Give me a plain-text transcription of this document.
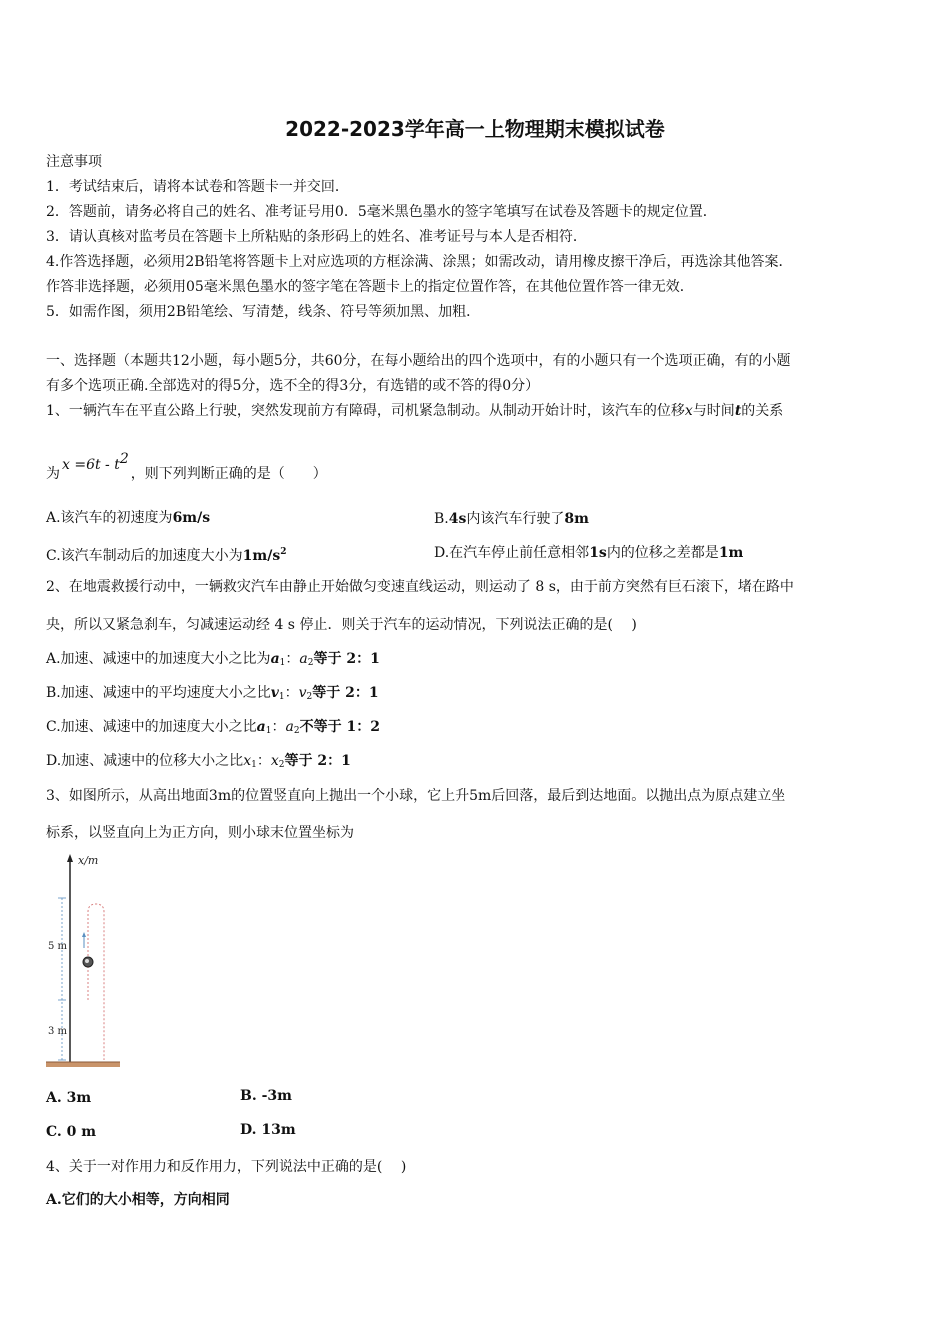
2022-2023学年高一上物理期末模拟试卷
注意事项
1．考试结束后，请将本试卷和答题卡一并交回．
2．答题前，请务必将自己的姓名、准考证号用0．5毫米黑色墨水的签字笔填写在试卷及答题卡的规定位置．
3．请认真核对监考员在答题卡上所粘贴的条形码上的姓名、准考证号与本人是否相符．
4.作答选择题，必须用2B铅笔将答题卡上对应选项的方框涂满、涂黑；如需改动，请用橡皮擦干净后，再选涂其他答案．
作答非选择题，必须用05毫米黑色墨水的签字笔在答题卡上的指定位置作答，在其他位置作答一律无效．
5．如需作图，须用2B铅笔绘、写清楚，线条、符号等须加黑、加粗．
一、选择题（本题共12小题，每小题5分，共60分，在每小题给出的四个选项中，有的小题只有一个选项正确，有的小题
有多个选项正确.全部选对的得5分，选不全的得3分，有选错的或不答的得0分）
1、一辆汽车在平直公路上行驶，突然发现前方有障碍，司机紧急制动。从制动开始计时，该汽车的位移x与时间t的关系
为$x =6t - t^2$，则下列判断正确的是（　　）
A.该汽车的初速度为6m/s	B.4s内该汽车行驶了8m
C.该汽车制动后的加速度大小为$1m/s^2$	D.在汽车停止前任意相邻1s内的位移之差都是1m
2、在地震救援行动中，一辆救灾汽车由静止开始做匀变速直线运动，则运动了 8 s，由于前方突然有巨石滚下，堵在路中
央，所以又紧急刹车，匀减速运动经 4 s 停止．则关于汽车的运动情况，下列说法正确的是(　 )
A.加速、减速中的加速度大小之比为$a_1$：$a_2$等于 2：1
B.加速、减速中的平均速度大小之比$v_1$：$v_2$等于 2：1
C.加速、减速中的加速度大小之比$a_1$：$a_2$不等于 1：2
D.加速、减速中的位移大小之比$x_1$：$x_2$等于 2：1
3、如图所示，从高出地面3m的位置竖直向上抛出一个小球，它上升5m后回落，最后到达地面。以抛出点为原点建立坐
标系，以竖直向上为正方向，则小球末位置坐标为
x/m
5 m
3 m
A. 3m	B. -3m
C. 0 m	D. 13m
4、关于一对作用力和反作用力，下列说法中正确的是(　 )
A.它们的大小相等，方向相同
